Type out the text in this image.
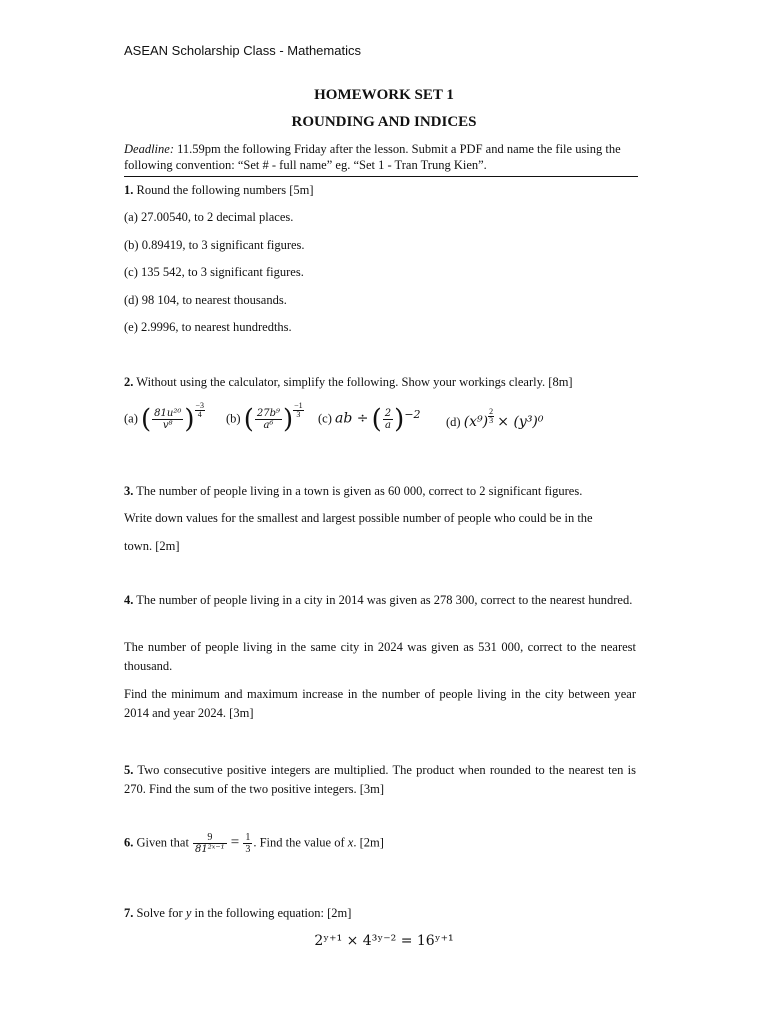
ASEAN Scholarship Class - Mathematics
HOMEWORK SET 1
ROUNDING AND INDICES
Deadline: 11.59pm the following Friday after the lesson. Submit a PDF and name the file using the following convention: “Set # - full name” eg. “Set 1 - Tran Trung Kien”.
1. Round the following numbers [5m]
(a) 27.00540, to 2 decimal places.
(b) 0.89419, to 3 significant figures.
(c) 135 542, to 3 significant figures.
(d) 98 104, to nearest thousands.
(e) 2.9996, to nearest hundredths.
2. Without using the calculator, simplify the following. Show your workings clearly. [8m]
(a) ( $\frac{\text{81u²⁰}}{\text{v⁸}}$ ) $\frac{-3}{4} (b)$ ( $\frac{\text{27b⁹}}{\text{a⁶}}$ ) $\frac{-1}{3} (c)$ ab ÷ ( $\frac{2}{a} )^{-2}$
(d) $(x^9) \frac{2}{3} \times (y^3)^0$
3. The number of people living in a town is given as 60 000, correct to 2 significant figures.
Write down values for the smallest and largest possible number of people who could be in the
town. [2m]
4. The number of people living in a city in 2014 was given as 278 300, correct to the nearest hundred.
The number of people living in the same city in 2024 was given as 531 000, correct to the nearest thousand.
Find the minimum and maximum increase in the number of people living in the city between year 2014 and year 2024. [3m]
5. Two consecutive positive integers are multiplied. The product when rounded to the nearest ten is 270. Find the sum of the two positive integers. [3m]
6. Given that $\frac{9}{\text{81²ˣ⁻¹}} = \frac{1}{3}$ . Find the value of x. [2m]
7. Solve for y in the following equation: [2m]
2ʸ⁺¹ × 4³ʸ⁻² = 16ʸ⁺¹
